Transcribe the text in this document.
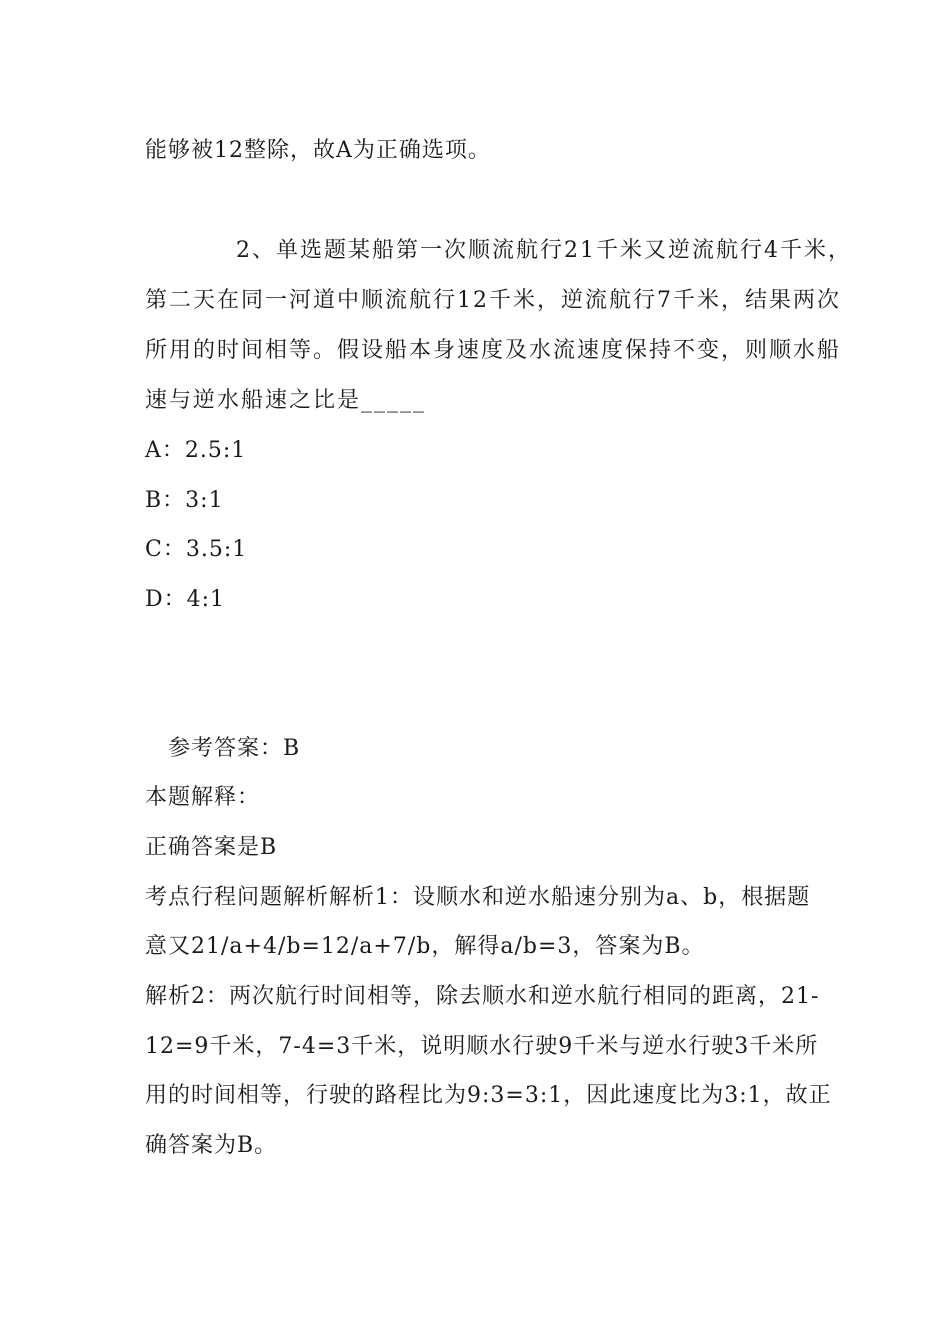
能够被12整除，故A为正确选项。
2、单选题某船第一次顺流航行21千米又逆流航行4千米，
第二天在同一河道中顺流航行12千米，逆流航行7千米，结果两次
所用的时间相等。假设船本身速度及水流速度保持不变，则顺水船
速与逆水船速之比是_____
A：2.5:1
B：3:1
C：3.5:1
D：4:1
参考答案：B
本题解释：
正确答案是B
考点行程问题解析解析1：设顺水和逆水船速分别为a、b，根据题
意又21/a+4/b=12/a+7/b，解得a/b=3，答案为B。
解析2：两次航行时间相等，除去顺水和逆水航行相同的距离，21-
12=9千米，7-4=3千米，说明顺水行驶9千米与逆水行驶3千米所
用的时间相等，行驶的路程比为9:3=3:1，因此速度比为3:1，故正
确答案为B。
